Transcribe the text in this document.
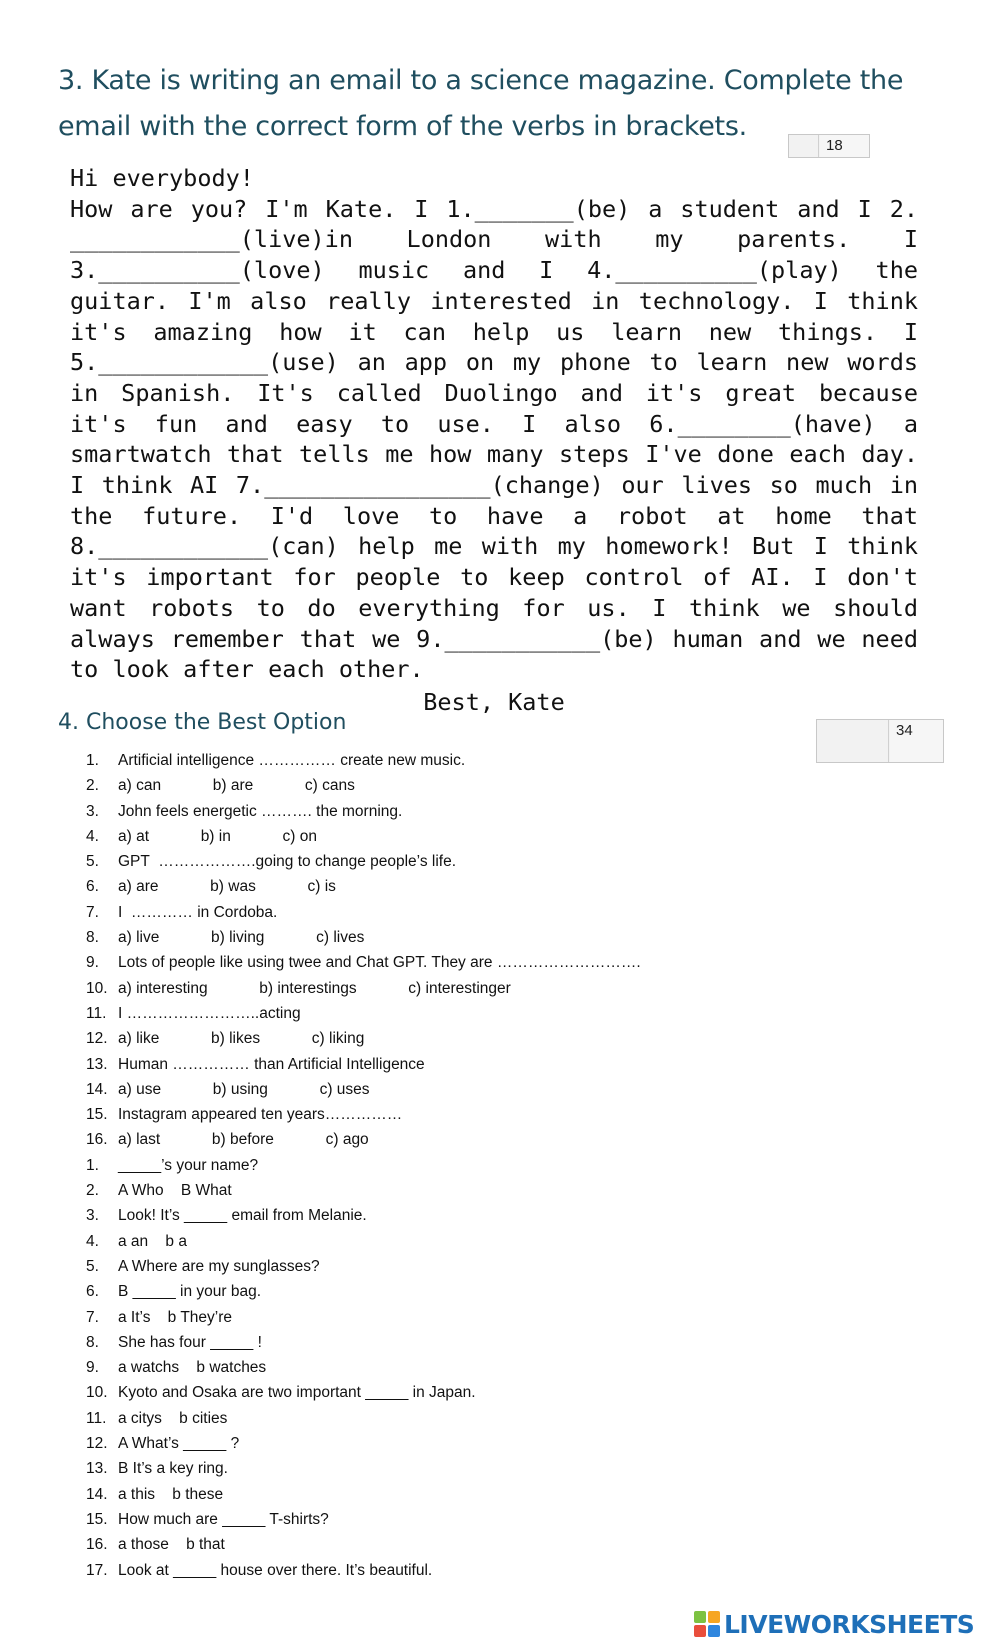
3. Kate is writing an email to a science magazine. Complete the email with the correct form of the verbs in brackets.
18
Hi everybody!
How are you? I'm Kate. I 1._______(be) a student and I 2. ____________(live)in London with my parents. I 3.__________(love) music and I 4.__________(play) the guitar. I'm also really interested in technology. I think it's amazing how it can help us learn new things. I 5.____________(use) an app on my phone to learn new words in Spanish. It's called Duolingo and it's great because it's fun and easy to use. I also 6.________(have) a smartwatch that tells me how many steps I've done each day. I think AI 7.________________(change) our lives so much in the future. I'd love to have a robot at home that 8.____________(can) help me with my homework! But I think it's important for people to keep control of AI. I don't want robots to do everything for us. I think we should always remember that we 9.___________(be) human and we need to look after each other.
Best, Kate
4. Choose the Best Option	34
1.	Artificial intelligence …………… create new music.
2.	a) can            b) are            c) cans
3.	John feels energetic ………. the morning.
4.	a) at            b) in            c) on
5.	GPT  ……………….going to change people’s life.
6.	a) are            b) was            c) is
7.	I  ………… in Cordoba.
8.	a) live            b) living            c) lives
9.	Lots of people like using twee and Chat GPT. They are ……………………….
10. a) interesting            b) interestings            c) interestinger
11. I ……………………..acting
12. a) like            b) likes            c) liking
13. Human …………… than Artificial Intelligence
14. a) use            b) using            c) uses
15. Instagram appeared ten years……………
16. a) last            b) before            c) ago
1.	_____’s your name?
2.	A Who    B What
3.	Look! It’s _____ email from Melanie.
4.	a an    b a
5.	A Where are my sunglasses?
6.	B _____ in your bag.
7.	a It’s    b They’re
8.	She has four _____ !
9.	a watchs    b watches
10. Kyoto and Osaka are two important _____ in Japan.
11. a citys    b cities
12. A What’s _____ ?
13. B It’s a key ring.
14. a this    b these
15. How much are _____ T-shirts?
16. a those    b that
17. Look at _____ house over there. It’s beautiful.
LIVEWORKSHEETS
